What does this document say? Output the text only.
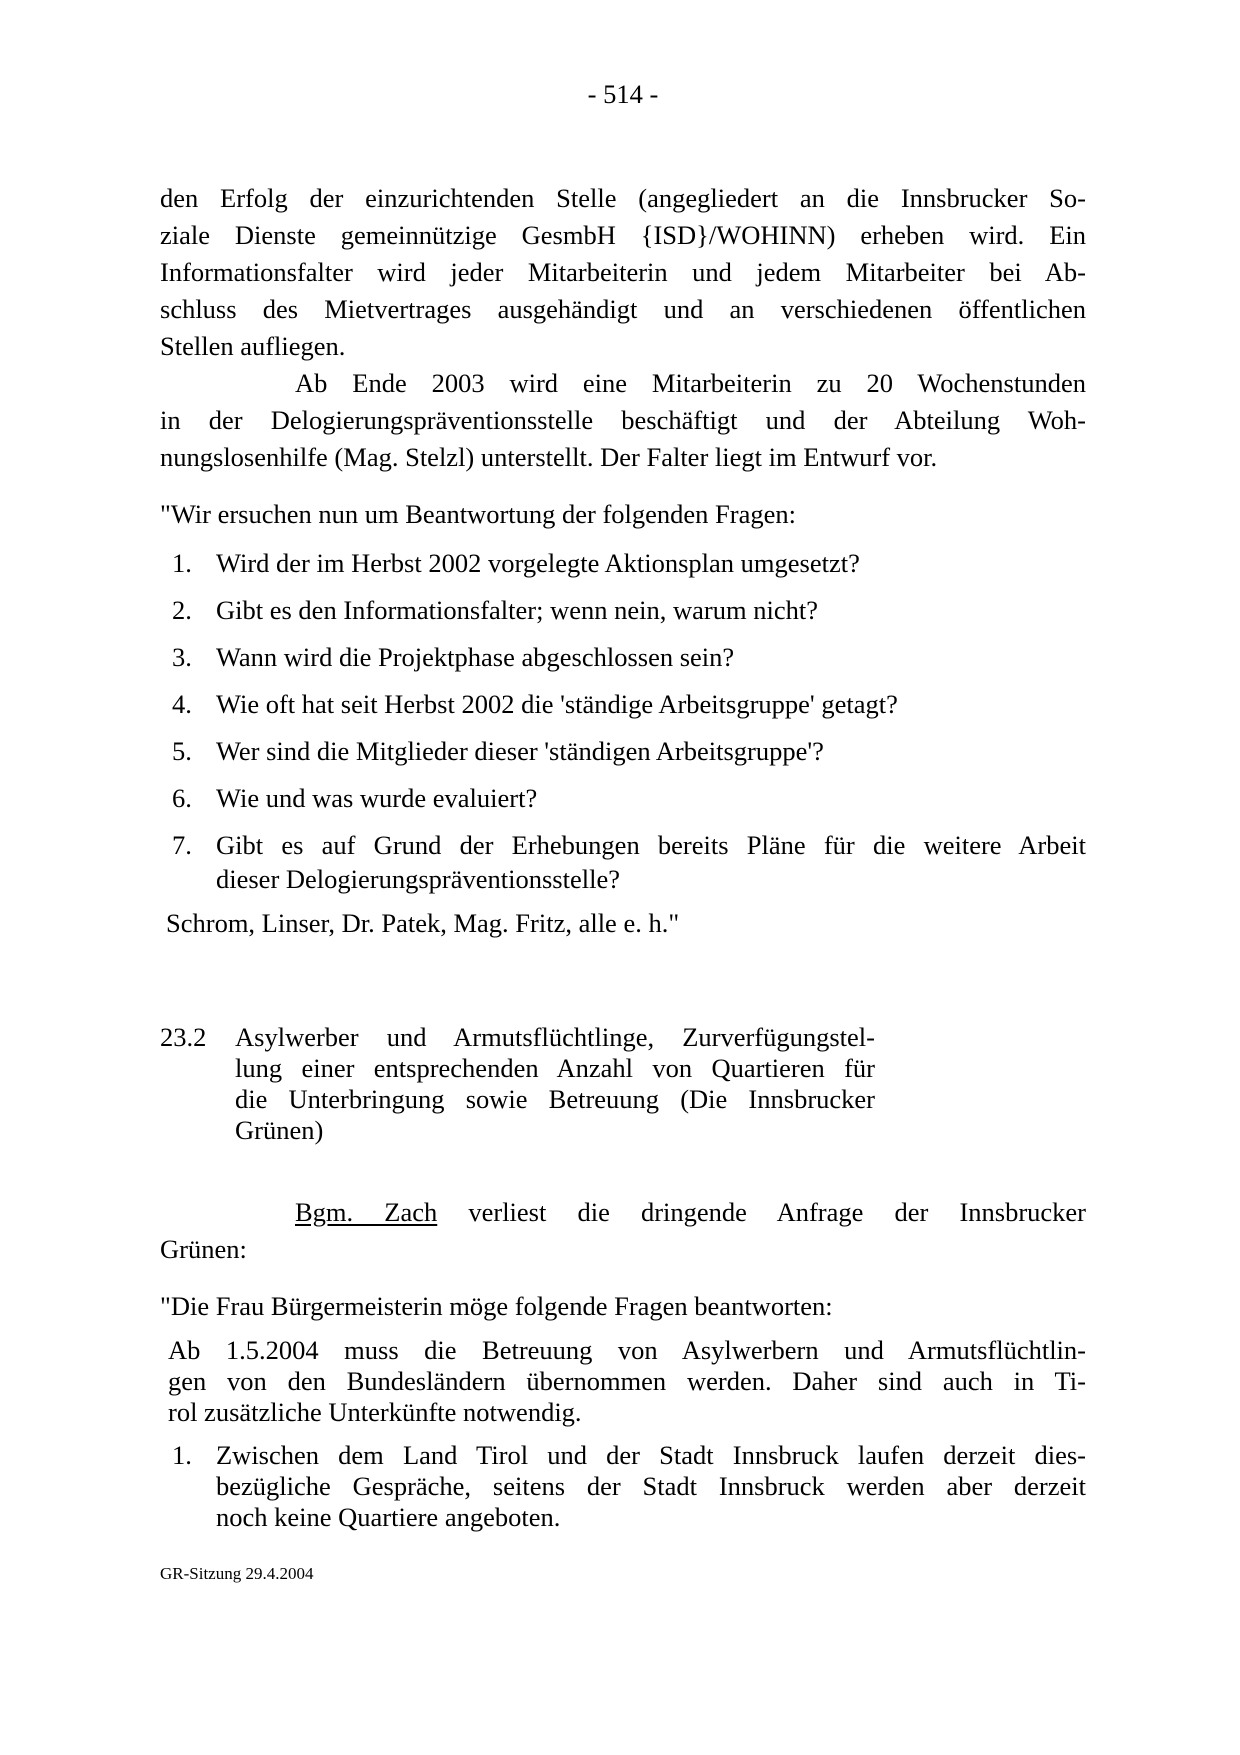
- 514 -
den Erfolg der einzurichtenden Stelle (angegliedert an die Innsbrucker So-
ziale Dienste gemeinnützige GesmbH {ISD}/WOHINN) erheben wird. Ein
Informationsfalter wird jeder Mitarbeiterin und jedem Mitarbeiter bei Ab-
schluss des Mietvertrages ausgehändigt und an verschiedenen öffentlichen
Stellen aufliegen.
Ab Ende 2003 wird eine Mitarbeiterin zu 20 Wochenstunden
in der Delogierungspräventionsstelle beschäftigt und der Abteilung Woh-
nungslosenhilfe (Mag. Stelzl) unterstellt. Der Falter liegt im Entwurf vor.
"Wir ersuchen nun um Beantwortung der folgenden Fragen:
1. Wird der im Herbst 2002 vorgelegte Aktionsplan umgesetzt?
2. Gibt es den Informationsfalter; wenn nein, warum nicht?
3. Wann wird die Projektphase abgeschlossen sein?
4. Wie oft hat seit Herbst 2002 die 'ständige Arbeitsgruppe' getagt?
5. Wer sind die Mitglieder dieser 'ständigen Arbeitsgruppe'?
6. Wie und was wurde evaluiert?
7. Gibt es auf Grund der Erhebungen bereits Pläne für die weitere Arbeit
dieser Delogierungspräventionsstelle?
Schrom, Linser, Dr. Patek, Mag. Fritz, alle e. h."
23.2	Asylwerber und Armutsflüchtlinge, Zurverfügungstel-
lung einer entsprechenden Anzahl von Quartieren für
die Unterbringung sowie Betreuung (Die Innsbrucker
Grünen)
Bgm. Zach verliest die dringende Anfrage der Innsbrucker
Grünen:
"Die Frau Bürgermeisterin möge folgende Fragen beantworten:
Ab 1.5.2004 muss die Betreuung von Asylwerbern und Armutsflüchtlin-
gen von den Bundesländern übernommen werden. Daher sind auch in Ti-
rol zusätzliche Unterkünfte notwendig.
1. Zwischen dem Land Tirol und der Stadt Innsbruck laufen derzeit dies-
bezügliche Gespräche, seitens der Stadt Innsbruck werden aber derzeit
noch keine Quartiere angeboten.
GR-Sitzung 29.4.2004
